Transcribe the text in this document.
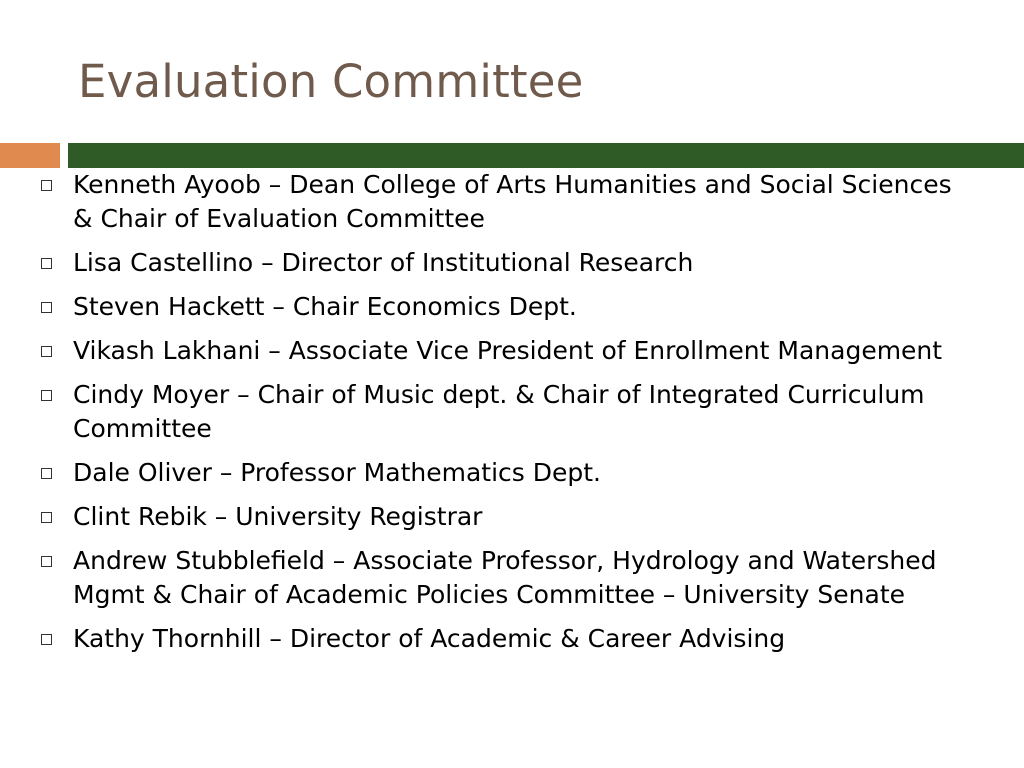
Evaluation Committee
Kenneth Ayoob – Dean College of Arts Humanities and Social Sciences & Chair of Evaluation Committee
Lisa Castellino – Director of Institutional Research
Steven Hackett – Chair Economics Dept.
Vikash Lakhani – Associate Vice President of Enrollment Management
Cindy Moyer – Chair of Music dept. & Chair of Integrated Curriculum Committee
Dale Oliver – Professor Mathematics Dept.
Clint Rebik – University Registrar
Andrew Stubblefield – Associate Professor, Hydrology and Watershed Mgmt & Chair of Academic Policies Committee – University Senate
Kathy Thornhill – Director of Academic & Career Advising
